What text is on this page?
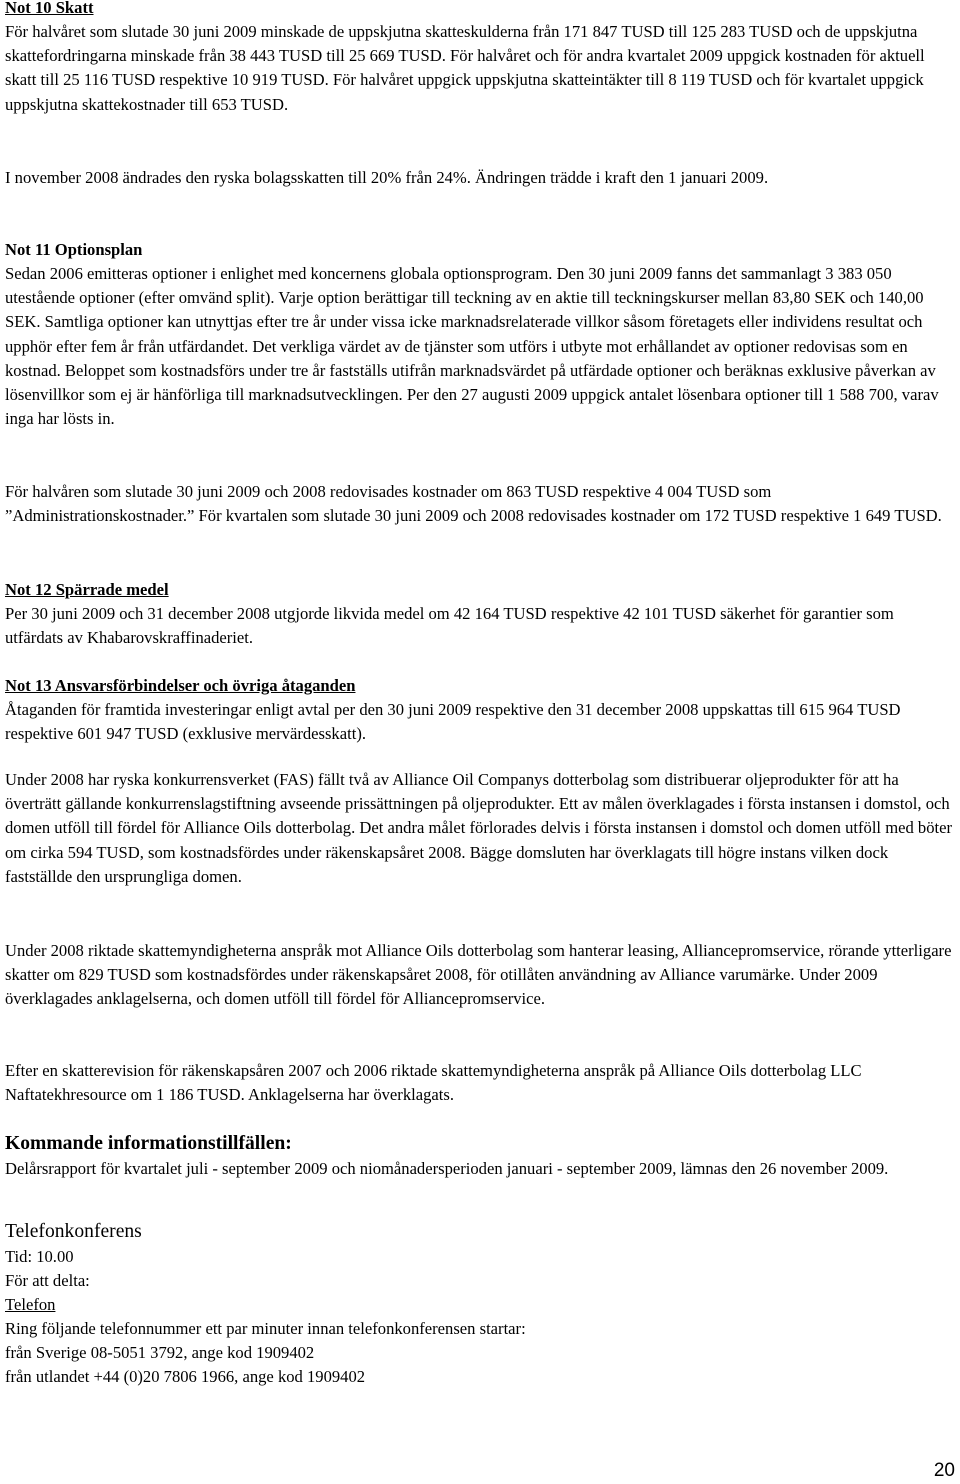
Not 10 Skatt

För halvåret som slutade 30 juni 2009 minskade de uppskjutna skatteskulderna från 171 847 TUSD till 125 283 TUSD och de uppskjutna skattefordringarna minskade från 38 443 TUSD till 25 669 TUSD. För halvåret och för andra kvartalet 2009 uppgick kostnaden för aktuell skatt till 25 116 TUSD respektive 10 919 TUSD. För halvåret uppgick uppskjutna skatteintäkter till 8 119 TUSD och för kvartalet uppgick uppskjutna skattekostnader till 653 TUSD.

I november 2008 ändrades den ryska bolagsskatten till 20% från 24%. Ändringen trädde i kraft den 1 januari 2009.

Not 11 Optionsplan

Sedan 2006 emitteras optioner i enlighet med koncernens globala optionsprogram. Den 30 juni 2009 fanns det sammanlagt 3 383 050 utestående optioner (efter omvänd split). Varje option berättigar till teckning av en aktie till teckningskurser mellan 83,80 SEK och 140,00 SEK. Samtliga optioner kan utnyttjas efter tre år under vissa icke marknadsrelaterade villkor såsom företagets eller individens resultat och upphör efter fem år från utfärdandet. Det verkliga värdet av de tjänster som utförs i utbyte mot erhållandet av optioner redovisas som en kostnad. Beloppet som kostnadsförs under tre år fastställs utifrån marknadsvärdet på utfärdade optioner och beräknas exklusive påverkan av lösenvillkor som ej är hänförliga till marknadsutvecklingen. Per den 27 augusti 2009 uppgick antalet lösenbara optioner till 1 588 700, varav inga har lösts in.

För halvåren som slutade 30 juni 2009 och 2008 redovisades kostnader om 863 TUSD respektive 4 004 TUSD som ”Administrationskostnader.” För kvartalen som slutade 30 juni 2009 och 2008 redovisades kostnader om 172 TUSD respektive 1 649 TUSD.

Not 12 Spärrade medel

Per 30 juni 2009 och 31 december 2008 utgjorde likvida medel om 42 164 TUSD respektive 42 101 TUSD säkerhet för garantier som utfärdats av Khabarovskraffinaderiet.

Not 13 Ansvarsförbindelser och övriga åtaganden

Åtaganden för framtida investeringar enligt avtal per den 30 juni 2009 respektive den 31 december 2008 uppskattas till 615 964 TUSD respektive 601 947 TUSD (exklusive mervärdesskatt).

Under 2008 har ryska konkurrensverket (FAS) fällt två av Alliance Oil Companys dotterbolag som distribuerar oljeprodukter för att ha överträtt gällande konkurrenslagstiftning avseende prissättningen på oljeprodukter. Ett av målen överklagades i första instansen i domstol, och domen utföll till fördel för Alliance Oils dotterbolag. Det andra målet förlorades delvis i första instansen i domstol och domen utföll med böter om cirka 594 TUSD, som kostnadsfördes under räkenskapsåret 2008. Bägge domsluten har överklagats till högre instans vilken dock fastställde den ursprungliga domen.

Under 2008 riktade skattemyndigheterna anspråk mot Alliance Oils dotterbolag som hanterar leasing, Alliancepromservice, rörande ytterligare skatter om 829 TUSD som kostnadsfördes under räkenskapsåret 2008, för otillåten användning av Alliance varumärke. Under 2009 överklagades anklagelserna, och domen utföll till fördel för Alliancepromservice.

Efter en skatterevision för räkenskapsåren 2007 och 2006 riktade skattemyndigheterna anspråk på Alliance Oils dotterbolag LLC Naftatekhresource om 1 186 TUSD. Anklagelserna har överklagats.

Kommande informationstillfällen:

Delårsrapport för kvartalet juli - september 2009 och niomånadersperioden januari - september 2009, lämnas den 26 november 2009.

Telefonkonferens

Tid: 10.00

För att delta:

Telefon

Ring följande telefonnummer ett par minuter innan telefonkonferensen startar:

från Sverige 08-5051 3792, ange kod 1909402

från utlandet +44 (0)20 7806 1966, ange kod 1909402

20
